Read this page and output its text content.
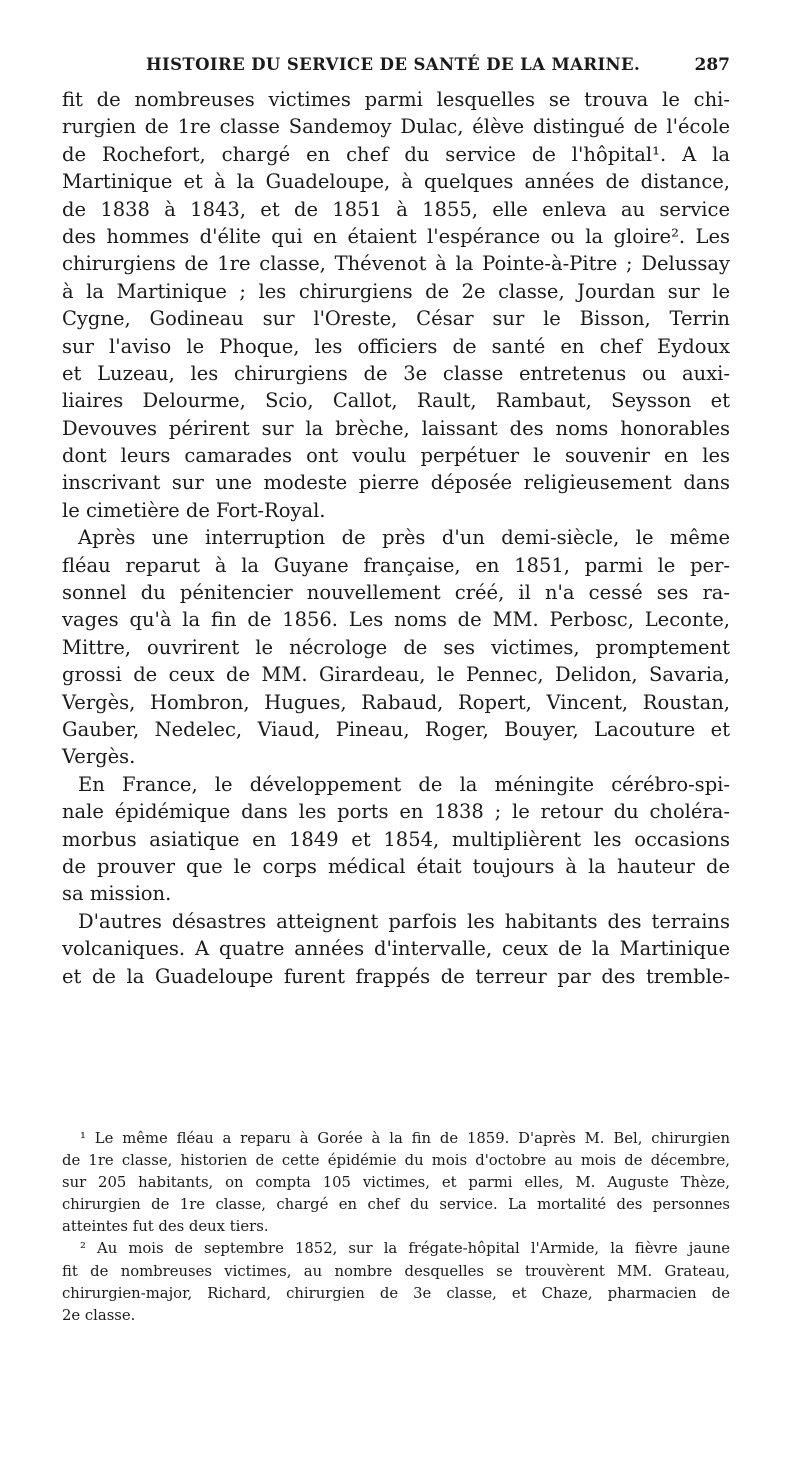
HISTOIRE DU SERVICE DE SANTÉ DE LA MARINE.	287
fit de nombreuses victimes parmi lesquelles se trouva le chi-
rurgien de 1re classe Sandemoy Dulac, élève distingué de l'école
de Rochefort, chargé en chef du service de l'hôpital¹. A la
Martinique et à la Guadeloupe, à quelques années de distance,
de 1838 à 1843, et de 1851 à 1855, elle enleva au service
des hommes d'élite qui en étaient l'espérance ou la gloire². Les
chirurgiens de 1re classe, Thévenot à la Pointe-à-Pitre ; Delussay
à la Martinique ; les chirurgiens de 2e classe, Jourdan sur le
Cygne, Godineau sur l'Oreste, César sur le Bisson, Terrin
sur l'aviso le Phoque, les officiers de santé en chef Eydoux
et Luzeau, les chirurgiens de 3e classe entretenus ou auxi-
liaires Delourme, Scio, Callot, Rault, Rambaut, Seysson et
Devouves périrent sur la brèche, laissant des noms honorables
dont leurs camarades ont voulu perpétuer le souvenir en les
inscrivant sur une modeste pierre déposée religieusement dans
le cimetière de Fort-Royal.
Après une interruption de près d'un demi-siècle, le même
fléau reparut à la Guyane française, en 1851, parmi le per-
sonnel du pénitencier nouvellement créé, il n'a cessé ses ra-
vages qu'à la fin de 1856. Les noms de MM. Perbosc, Leconte,
Mittre, ouvrirent le nécrologe de ses victimes, promptement
grossi de ceux de MM. Girardeau, le Pennec, Delidon, Savaria,
Vergès, Hombron, Hugues, Rabaud, Ropert, Vincent, Roustan,
Gauber, Nedelec, Viaud, Pineau, Roger, Bouyer, Lacouture et
Vergès.
En France, le développement de la méningite cérébro-spi-
nale épidémique dans les ports en 1838 ; le retour du choléra-
morbus asiatique en 1849 et 1854, multiplièrent les occasions
de prouver que le corps médical était toujours à la hauteur de
sa mission.
D'autres désastres atteignent parfois les habitants des terrains
volcaniques. A quatre années d'intervalle, ceux de la Martinique
et de la Guadeloupe furent frappés de terreur par des tremble-
¹ Le même fléau a reparu à Gorée à la fin de 1859. D'après M. Bel, chirurgien
de 1re classe, historien de cette épidémie du mois d'octobre au mois de décembre,
sur 205 habitants, on compta 105 victimes, et parmi elles, M. Auguste Thèze,
chirurgien de 1re classe, chargé en chef du service. La mortalité des personnes
atteintes fut des deux tiers.
² Au mois de septembre 1852, sur la frégate-hôpital l'Armide, la fièvre jaune
fit de nombreuses victimes, au nombre desquelles se trouvèrent MM. Grateau,
chirurgien-major, Richard, chirurgien de 3e classe, et Chaze, pharmacien de
2e classe.
